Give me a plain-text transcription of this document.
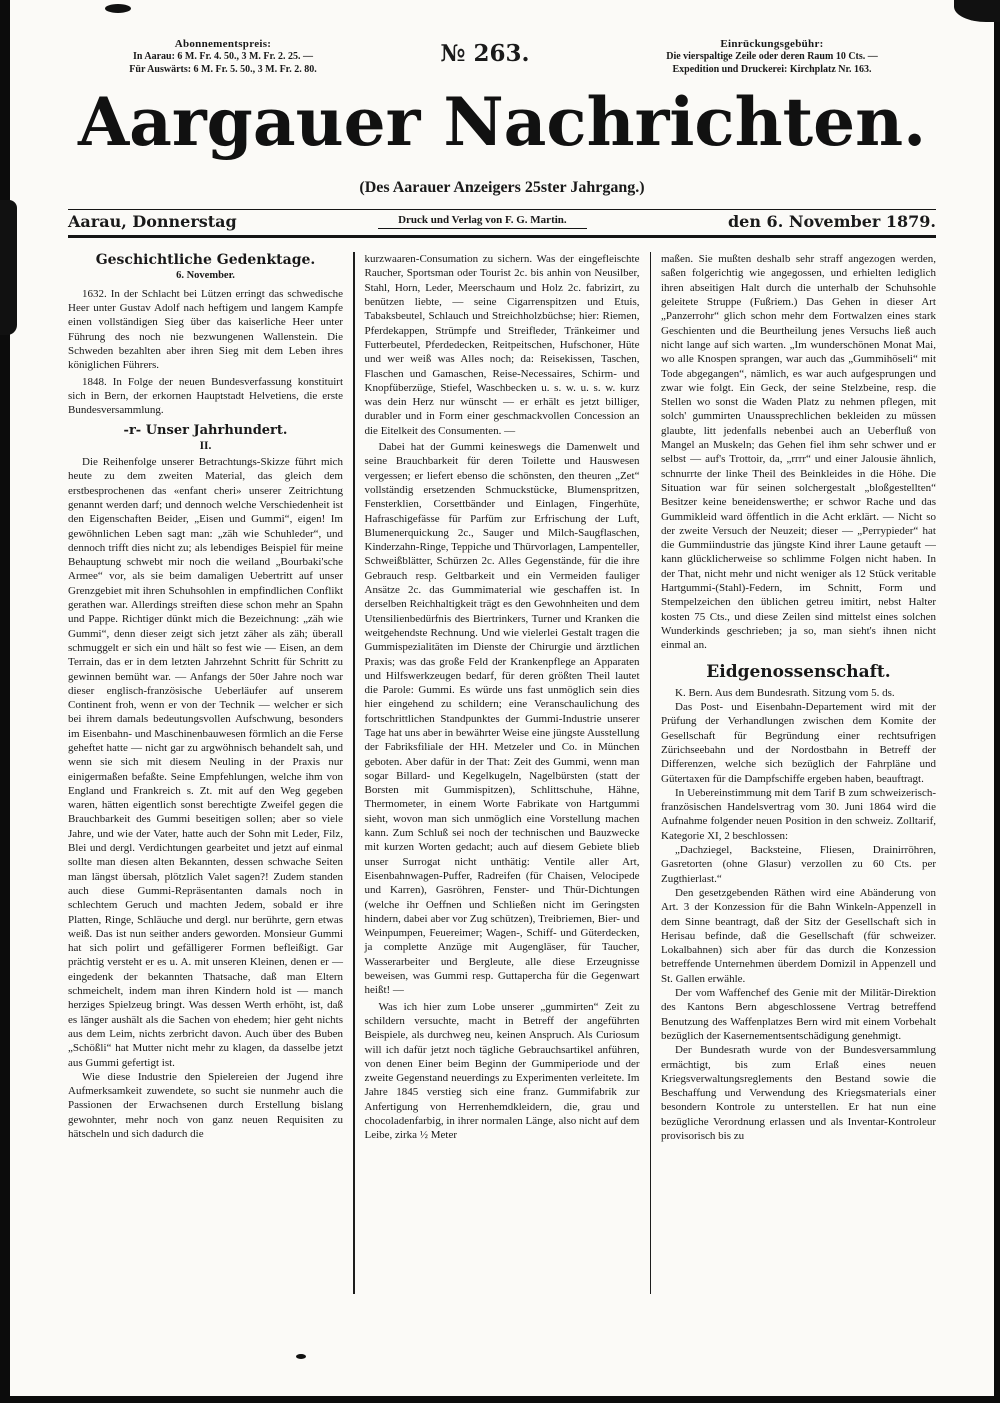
Abonnementspreis:
In Aarau: 6 M. Fr. 4. 50., 3 M. Fr. 2. 25. —
Für Auswärts: 6 M. Fr. 5. 50., 3 M. Fr. 2. 80.
№ 263.	Einrückungsgebühr:
Die vierspaltige Zeile oder deren Raum 10 Cts. —
Expedition und Druckerei: Kirchplatz Nr. 163.
Aargauer Nachrichten.
(Des Aarauer Anzeigers 25ster Jahrgang.)
Aarau, Donnerstag	Druck und Verlag von F. G. Martin.	den 6. November 1879.
Geschichtliche Gedenktage.
6. November.

1632. In der Schlacht bei Lützen erringt das schwedische Heer unter Gustav Adolf nach heftigem und langem Kampfe einen vollständigen Sieg über das kaiserliche Heer unter Führung des noch nie bezwungenen Wallenstein. Die Schweden bezahlten aber ihren Sieg mit dem Leben ihres königlichen Führers.

1848. In Folge der neuen Bundesverfassung konstituirt sich in Bern, der erkornen Hauptstadt Helvetiens, die erste Bundesversammlung.

-r- Unser Jahrhundert.
II.

Die Reihenfolge unserer Betrachtungs-Skizze führt mich heute zu dem zweiten Material, das gleich dem erstbesprochenen das «enfant cheri» unserer Zeitrichtung genannt werden darf; und dennoch welche Verschiedenheit ist den Eigenschaften Beider, „Eisen und Gummi“, eigen! Im gewöhnlichen Leben sagt man: „zäh wie Schuhleder“, und dennoch trifft dies nicht zu; als lebendiges Beispiel für meine Behauptung schwebt mir noch die weiland „Bourbaki'sche Armee“ vor, als sie beim damaligen Uebertritt auf unser Grenzgebiet mit ihren Schuhsohlen in empfindlichen Conflikt gerathen war. Allerdings streiften diese schon mehr an Spahn und Pappe. Richtiger dünkt mich die Bezeichnung: „zäh wie Gummi“, denn dieser zeigt sich jetzt zäher als zäh; überall schmuggelt er sich ein und hält so fest wie — Eisen, an dem Terrain, das er in dem letzten Jahrzehnt Schritt für Schritt zu gewinnen bemüht war. — Anfangs der 50er Jahre noch war dieser englisch-französische Ueberläufer auf unserem Continent froh, wenn er von der Technik — welcher er sich bei ihrem damals bedeutungsvollen Aufschwung, besonders im Eisenbahn- und Maschinenbauwesen förmlich an die Ferse geheftet hatte — nicht gar zu argwöhnisch behandelt sah, und wenn sie sich mit diesem Neuling in der Praxis nur einigermaßen befaßte. Seine Empfehlungen, welche ihm von England und Frankreich s. Zt. mit auf den Weg gegeben waren, hätten eigentlich sonst berechtigte Zweifel gegen die Brauchbarkeit des Gummi beseitigen sollen; aber so viele Jahre, und wie der Vater, hatte auch der Sohn mit Leder, Filz, Blei und dergl. Verdichtungen gearbeitet und jetzt auf einmal sollte man diesen alten Bekannten, dessen schwache Seiten man längst übersah, plötzlich Valet sagen?! Zudem standen auch diese Gummi-Repräsentanten damals noch in schlechtem Geruch und machten Jedem, sobald er ihre Platten, Ringe, Schläuche und dergl. nur berührte, gern etwas weiß. Das ist nun seither anders geworden. Monsieur Gummi hat sich polirt und gefälligerer Formen befleißigt. Gar prächtig versteht er es u. A. mit unseren Kleinen, denen er — eingedenk der bekannten Thatsache, daß man Eltern schmeichelt, indem man ihren Kindern hold ist — manch herziges Spielzeug bringt. Was dessen Werth erhöht, ist, daß es länger aushält als die Sachen von ehedem; hier geht nichts aus dem Leim, nichts zerbricht davon. Auch über des Buben „Schößli“ hat Mutter nicht mehr zu klagen, da dasselbe jetzt aus Gummi gefertigt ist.

Wie diese Industrie den Spielereien der Jugend ihre Aufmerksamkeit zuwendete, so sucht sie nunmehr auch die Passionen der Erwachsenen durch Erstellung bislang gewohnter, mehr noch von ganz neuen Requisiten zu hätscheln und sich dadurch die

kurzwaaren-Consumation zu sichern. Was der eingefleischte Raucher, Sportsman oder Tourist 2c. bis anhin von Neusilber, Stahl, Horn, Leder, Meerschaum und Holz 2c. fabrizirt, zu benützen liebte, — seine Cigarrenspitzen und Etuis, Tabaksbeutel, Schlauch und Streichholzbüchse; hier: Riemen, Pferdekappen, Strümpfe und Streifleder, Tränkeimer und Futterbeutel, Pferdedecken, Reitpeitschen, Hufschoner, Hüte und wer weiß was Alles noch; da: Reisekissen, Taschen, Flaschen und Gamaschen, Reise-Necessaires, Schirm- und Knopfüberzüge, Stiefel, Waschbecken u. s. w. u. s. w. kurz was dein Herz nur wünscht — er erhält es jetzt billiger, durabler und in Form einer geschmackvollen Concession an die Eitelkeit des Consumenten. —

Dabei hat der Gummi keineswegs die Damenwelt und seine Brauchbarkeit für deren Toilette und Hauswesen vergessen; er liefert ebenso die schönsten, den theuren „Zet“ vollständig ersetzenden Schmuckstücke, Blumenspritzen, Fensterklien, Corsettbänder und Einlagen, Fingerhüte, Hafraschigefässe für Parfüm zur Erfrischung der Luft, Blumenerquickung 2c., Sauger und Milch-Saugflaschen, Kinderzahn-Ringe, Teppiche und Thürvorlagen, Lampenteller, Schweißblätter, Schürzen 2c. Alles Gegenstände, für die ihre Gebrauch resp. Geltbarkeit und ein Vermeiden fauliger Ansätze 2c. das Gummimaterial wie geschaffen ist. In derselben Reichhaltigkeit trägt es den Gewohnheiten und dem Utensilienbedürfnis des Biertrinkers, Turner und Kranken die weitgehendste Rechnung. Und wie vielerlei Gestalt tragen die Gummispezialitäten im Dienste der Chirurgie und ärztlichen Praxis; was das große Feld der Krankenpflege an Apparaten und Hilfswerkzeugen bedarf, für deren größten Theil lautet die Parole: Gummi. Es würde uns fast unmöglich sein dies hier eingehend zu schildern; eine Veranschaulichung des fortschrittlichen Standpunktes der Gummi-Industrie unserer Tage hat uns aber in bewährter Weise eine jüngste Ausstellung der Fabriksfiliale der HH. Metzeler und Co. in München geboten. Aber dafür in der That: Zeit des Gummi, wenn man sogar Billard- und Kegelkugeln, Nagelbürsten (statt der Borsten mit Gummispitzen), Schlittschuhe, Hähne, Thermometer, in einem Worte Fabrikate von Hartgummi sieht, wovon man sich unmöglich eine Vorstellung machen kann. Zum Schluß sei noch der technischen und Bauzwecke mit kurzen Worten gedacht; auch auf diesem Gebiete blieb unser Surrogat nicht unthätig: Ventile aller Art, Eisenbahnwagen-Puffer, Radreifen (für Chaisen, Velocipede und Karren), Gasröhren, Fenster- und Thür-Dichtungen (welche ihr Oeffnen und Schließen nicht im Geringsten hindern, dabei aber vor Zug schützen), Treibriemen, Bier- und Weinpumpen, Feuereimer; Wagen-, Schiff- und Güterdecken, ja complette Anzüge mit Augengläser, für Taucher, Wasserarbeiter und Bergleute, alle diese Erzeugnisse beweisen, was Gummi resp. Guttapercha für die Gegenwart heißt! —

Was ich hier zum Lobe unserer „gummirten“ Zeit zu schildern versuchte, macht in Betreff der angeführten Beispiele, als durchweg neu, keinen Anspruch. Als Curiosum will ich dafür jetzt noch tägliche Gebrauchsartikel anführen, von denen Einer beim Beginn der Gummiperiode und der zweite Gegenstand neuerdings zu Experimenten verleitete. Im Jahre 1845 verstieg sich eine franz. Gummifabrik zur Anfertigung von Herrenhemdkleidern, die, grau und chocoladenfarbig, in ihrer normalen Länge, also nicht auf dem Leibe, zirka ½ Meter

maßen. Sie mußten deshalb sehr straff angezogen werden, saßen folgerichtig wie angegossen, und erhielten lediglich ihren abseitigen Halt durch die unterhalb der Schuhsohle geleitete Struppe (Fußriem.) Das Gehen in dieser Art „Panzerrohr“ glich schon mehr dem Fortwalzen eines stark Geschienten und die Beurtheilung jenes Versuchs ließ auch nicht lange auf sich warten. „Im wunderschönen Monat Mai, wo alle Knospen sprangen, war auch das „Gummihöseli“ mit Tode abgegangen“, nämlich, es war auch aufgesprungen und zwar wie folgt. Ein Geck, der seine Stelzbeine, resp. die Stellen wo sonst die Waden Platz zu nehmen pflegen, mit solch' gummirten Unaussprechlichen bekleiden zu müssen glaubte, litt jedenfalls nebenbei auch an Ueberfluß von Mangel an Muskeln; das Gehen fiel ihm sehr schwer und er selbst — auf's Trottoir, da, „rrrr“ und einer Jalousie ähnlich, schnurrte der linke Theil des Beinkleides in die Höhe. Die Situation war für seinen solchergestalt „bloßgestellten“ Besitzer keine beneidenswerthe; er schwor Rache und das Gummikleid ward öffentlich in die Acht erklärt. — Nicht so der zweite Versuch der Neuzeit; dieser — „Perrypieder“ hat die Gummiindustrie das jüngste Kind ihrer Laune getauft — kann glücklicherweise so schlimme Folgen nicht haben. In der That, nicht mehr und nicht weniger als 12 Stück veritable Hartgummi-(Stahl)-Federn, im Schnitt, Form und Stempelzeichen den üblichen getreu imitirt, nebst Halter kosten 75 Cts., und diese Zeilen sind mittelst eines solchen Wunderkinds geschrieben; ja so, man sieht's ihnen nicht einmal an.

Eidgenossenschaft.

K. Bern. Aus dem Bundesrath. Sitzung vom 5. ds.

Das Post- und Eisenbahn-Departement wird mit der Prüfung der Verhandlungen zwischen dem Komite der Gesellschaft für Begründung einer rechtsufrigen Zürichseebahn und der Nordostbahn in Betreff der Differenzen, welche sich bezüglich der Fahrpläne und Gütertaxen für die Dampfschiffe ergeben haben, beauftragt.

In Uebereinstimmung mit dem Tarif B zum schweizerisch-französischen Handelsvertrag vom 30. Juni 1864 wird die Aufnahme folgender neuen Position in den schweiz. Zolltarif, Kategorie XI, 2 beschlossen:

„Dachziegel, Backsteine, Fliesen, Drainirröhren, Gasretorten (ohne Glasur) verzollen zu 60 Cts. per Zugthierlast.“

Den gesetzgebenden Räthen wird eine Abänderung von Art. 3 der Konzession für die Bahn Winkeln-Appenzell in dem Sinne beantragt, daß der Sitz der Gesellschaft sich in Herisau befinde, daß die Gesellschaft (für schweizer. Lokalbahnen) sich aber für das durch die Konzession betreffende Unternehmen überdem Domizil in Appenzell und St. Gallen erwähle.

Der vom Waffenchef des Genie mit der Militär-Direktion des Kantons Bern abgeschlossene Vertrag betreffend Benutzung des Waffenplatzes Bern wird mit einem Vorbehalt bezüglich der Kasernementsentschädigung genehmigt.

Der Bundesrath wurde von der Bundesversammlung ermächtigt, bis zum Erlaß eines neuen Kriegsverwaltungsreglements den Bestand sowie die Beschaffung und Verwendung des Kriegsmaterials einer besondern Kontrole zu unterstellen. Er hat nun eine bezügliche Verordnung erlassen und als Inventar-Kontroleur provisorisch bis zu
